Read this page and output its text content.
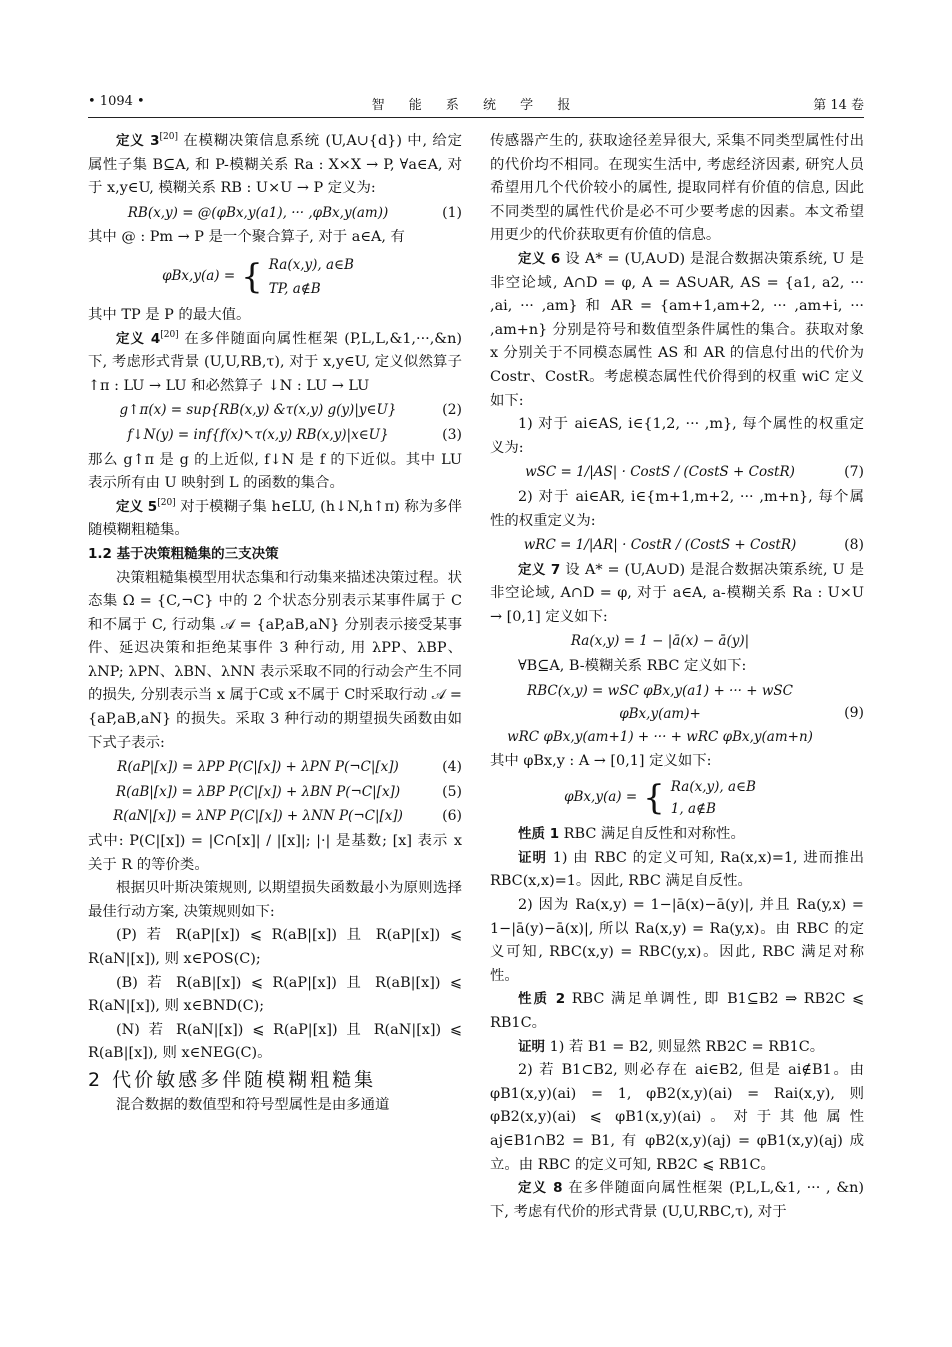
• 1094 •	智 能 系 统 学 报	第 14 卷

定义 3[20] 在模糊决策信息系统 (U,A∪{d}) 中, 给定属性子集 B⊆A, 和 P-模糊关系 Ra : X×X → P, ∀a∈A, 对于 x,y∈U, 模糊关系 RB : U×U → P 定义为:

RB(x,y) = @(φBx,y(a1), ··· ,φBx,y(am))	(1)

其中 @ : Pm → P 是一个聚合算子, 对于 a∈A, 有

φBx,y(a) = { Ra(x,y), a∈B
TP, a∉B

其中 TP 是 P 的最大值。

定义 4[20] 在多伴随面向属性框架 (P,L,L,&1,···,&n) 下, 考虑形式背景 (U,U,RB,τ), 对于 x,y∈U, 定义似然算子 ↑π : LU → LU 和必然算子 ↓N : LU → LU

g↑π(x) = sup{RB(x,y) &τ(x,y) g(y)|y∈U}	(2)
f↓N(y) = inf{f(x)↖τ(x,y) RB(x,y)|x∈U}	(3)

那么 g↑π 是 g 的上近似, f↓N 是 f 的下近似。其中 LU 表示所有由 U 映射到 L 的函数的集合。

定义 5[20] 对于模糊子集 h∈LU, (h↓N,h↑π) 称为多伴随模糊粗糙集。

1.2 基于决策粗糙集的三支决策

决策粗糙集模型用状态集和行动集来描述决策过程。状态集 Ω = {C,¬C} 中的 2 个状态分别表示某事件属于 C 和不属于 C, 行动集 𝒜 = {aP,aB,aN} 分别表示接受某事件、延迟决策和拒绝某事件 3 种行动, 用 λPP、λBP、λNP; λPN、λBN、λNN 表示采取不同的行动会产生不同的损失, 分别表示当 x 属于C或 x不属于 C时采取行动 𝒜 = {aP,aB,aN} 的损失。采取 3 种行动的期望损失函数由如下式子表示:

R(aP|[x]) = λPP P(C|[x]) + λPN P(¬C|[x])	(4)
R(aB|[x]) = λBP P(C|[x]) + λBN P(¬C|[x])	(5)
R(aN|[x]) = λNP P(C|[x]) + λNN P(¬C|[x])	(6)

式中: P(C|[x]) = |C∩[x]| / |[x]|; |·| 是基数; [x] 表示 x 关于 R 的等价类。

根据贝叶斯决策规则, 以期望损失函数最小为原则选择最佳行动方案, 决策规则如下:

(P) 若 R(aP|[x]) ⩽ R(aB|[x]) 且 R(aP|[x]) ⩽ R(aN|[x]), 则 x∈POS(C);

(B) 若 R(aB|[x]) ⩽ R(aP|[x]) 且 R(aB|[x]) ⩽ R(aN|[x]), 则 x∈BND(C);

(N) 若 R(aN|[x]) ⩽ R(aP|[x]) 且 R(aN|[x]) ⩽ R(aB|[x]), 则 x∈NEG(C)。

2 代价敏感多伴随模糊粗糙集

混合数据的数值型和符号型属性是由多通道

传感器产生的, 获取途径差异很大, 采集不同类型属性付出的代价均不相同。在现实生活中, 考虑经济因素, 研究人员希望用几个代价较小的属性, 提取同样有价值的信息, 因此不同类型的属性代价是必不可少要考虑的因素。本文希望用更少的代价获取更有价值的信息。

定义 6 设 A* = (U,A∪D) 是混合数据决策系统, U 是非空论域, A∩D = φ, A = AS∪AR, AS = {a1, a2, ··· ,ai, ··· ,am} 和 AR = {am+1,am+2, ··· ,am+i, ··· ,am+n} 分别是符号和数值型条件属性的集合。获取对象 x 分别关于不同模态属性 AS 和 AR 的信息付出的代价为 Costr、CostR。考虑模态属性代价得到的权重 wiC 定义如下:

1) 对于 ai∈AS, i∈{1,2, ··· ,m}, 每个属性的权重定义为:

wSC = 1/|AS| · CostS / (CostS + CostR)	(7)

2) 对于 ai∈AR, i∈{m+1,m+2, ··· ,m+n}, 每个属性的权重定义为:

wRC = 1/|AR| · CostR / (CostS + CostR)	(8)

定义 7 设 A* = (U,A∪D) 是混合数据决策系统, U 是非空论域, A∩D = φ, 对于 a∈A, a-模糊关系 Ra : U×U → [0,1] 定义如下:

Ra(x,y) = 1 − |ā(x) − ā(y)|

∀B⊆A, B-模糊关系 RBC 定义如下:

RBC(x,y) = wSC φBx,y(a1) + ··· + wSC φBx,y(am)+
wRC φBx,y(am+1) + ··· + wRC φBx,y(am+n)
(9)

其中 φBx,y : A → [0,1] 定义如下:

φBx,y(a) = { Ra(x,y), a∈B
1, a∉B

性质 1 RBC 满足自反性和对称性。

证明 1) 由 RBC 的定义可知, Ra(x,x)=1, 进而推出 RBC(x,x)=1。因此, RBC 满足自反性。

2) 因为 Ra(x,y) = 1−|ā(x)−ā(y)|, 并且 Ra(y,x) = 1−|ā(y)−ā(x)|, 所以 Ra(x,y) = Ra(y,x)。由 RBC 的定义可知, RBC(x,y) = RBC(y,x)。因此, RBC 满足对称性。

性质 2 RBC 满足单调性, 即 B1⊆B2 ⇒ RB2C ⩽ RB1C。

证明 1) 若 B1 = B2, 则显然 RB2C = RB1C。

2) 若 B1⊂B2, 则必存在 ai∈B2, 但是 ai∉B1。由 φB1(x,y)(ai) = 1, φB2(x,y)(ai) = Rai(x,y), 则 φB2(x,y)(ai) ⩽ φB1(x,y)(ai)。对于其他属性 aj∈B1∩B2 = B1, 有 φB2(x,y)(aj) = φB1(x,y)(aj) 成立。由 RBC 的定义可知, RB2C ⩽ RB1C。

定义 8 在多伴随面向属性框架 (P,L,L,&1, ··· , &n) 下, 考虑有代价的形式背景 (U,U,RBC,τ), 对于
